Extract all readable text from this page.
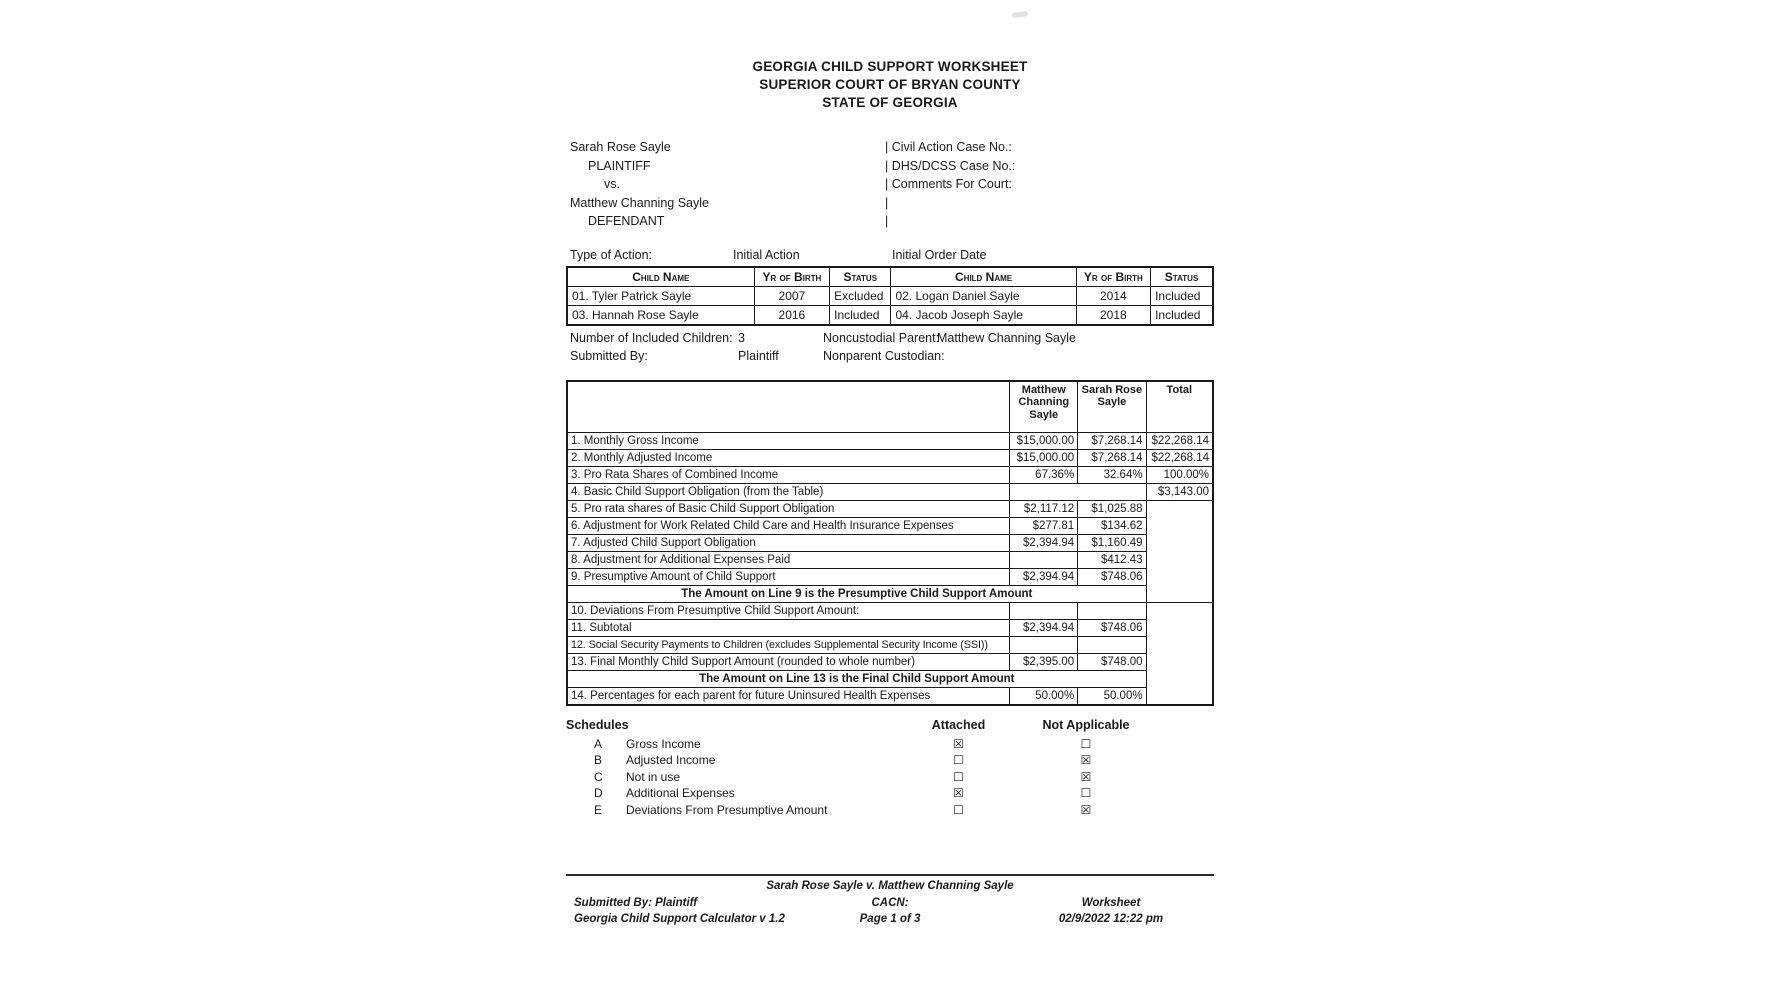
GEORGIA CHILD SUPPORT WORKSHEET
SUPERIOR COURT OF BRYAN COUNTY
STATE OF GEORGIA
Sarah Rose Sayle
PLAINTIFF
vs.
Matthew Channing Sayle
DEFENDANT
| Civil Action Case No.:
| DHS/DCSS Case No.:
| Comments For Court:
|
|
Type of Action:	Initial Action	Initial Order Date
Child Name	Yr of Birth	Status	Child Name	Yr of Birth	Status
01. Tyler Patrick Sayle	2007	Excluded	02. Logan Daniel Sayle	2014	Included
03. Hannah Rose Sayle	2016	Included	04. Jacob Joseph Sayle	2018	Included
Number of Included Children: 3	Noncustodial Parent:
Matthew Channing Sayle
Submitted By:	Plaintiff	Nonparent Custodian:
	Matthew Channing Sayle	Sarah Rose Sayle	Total
1. Monthly Gross Income	$15,000.00	$7,268.14	$22,268.14
2. Monthly Adjusted Income	$15,000.00	$7,268.14	$22,268.14
3. Pro Rata Shares of Combined Income	67.36%	32.64%	100.00%
4. Basic Child Support Obligation (from the Table)			$3,143.00
5. Pro rata shares of Basic Child Support Obligation	$2,117.12	$1,025.88	
6. Adjustment for Work Related Child Care and Health Insurance Expenses	$277.81	$134.62	
7. Adjusted Child Support Obligation	$2,394.94	$1,160.49	
8. Adjustment for Additional Expenses Paid		$412.43	
9. Presumptive Amount of Child Support	$2,394.94	$748.06	
The Amount on Line 9 is the Presumptive Child Support Amount			
10. Deviations From Presumptive Child Support Amount:			
11. Subtotal	$2,394.94	$748.06	
12. Social Security Payments to Children (excludes Supplemental Security Income (SSI))			
13. Final Monthly Child Support Amount (rounded to whole number)	$2,395.00	$748.00	
The Amount on Line 13 is the Final Child Support Amount			
14. Percentages for each parent for future Uninsured Health Expenses	50.00%	50.00%	
Schedules	Attached	Not Applicable
A Gross Income	☒	☐
B Adjusted Income	☐	☒
C Not in use	☐	☒
D Additional Expenses	☒	☐
E Deviations From Presumptive Amount	☐	☒
Sarah Rose Sayle v. Matthew Channing Sayle
Submitted By: Plaintiff	CACN:	Worksheet
Georgia Child Support Calculator v 1.2	Page 1 of 3	02/9/2022 12:22 pm
